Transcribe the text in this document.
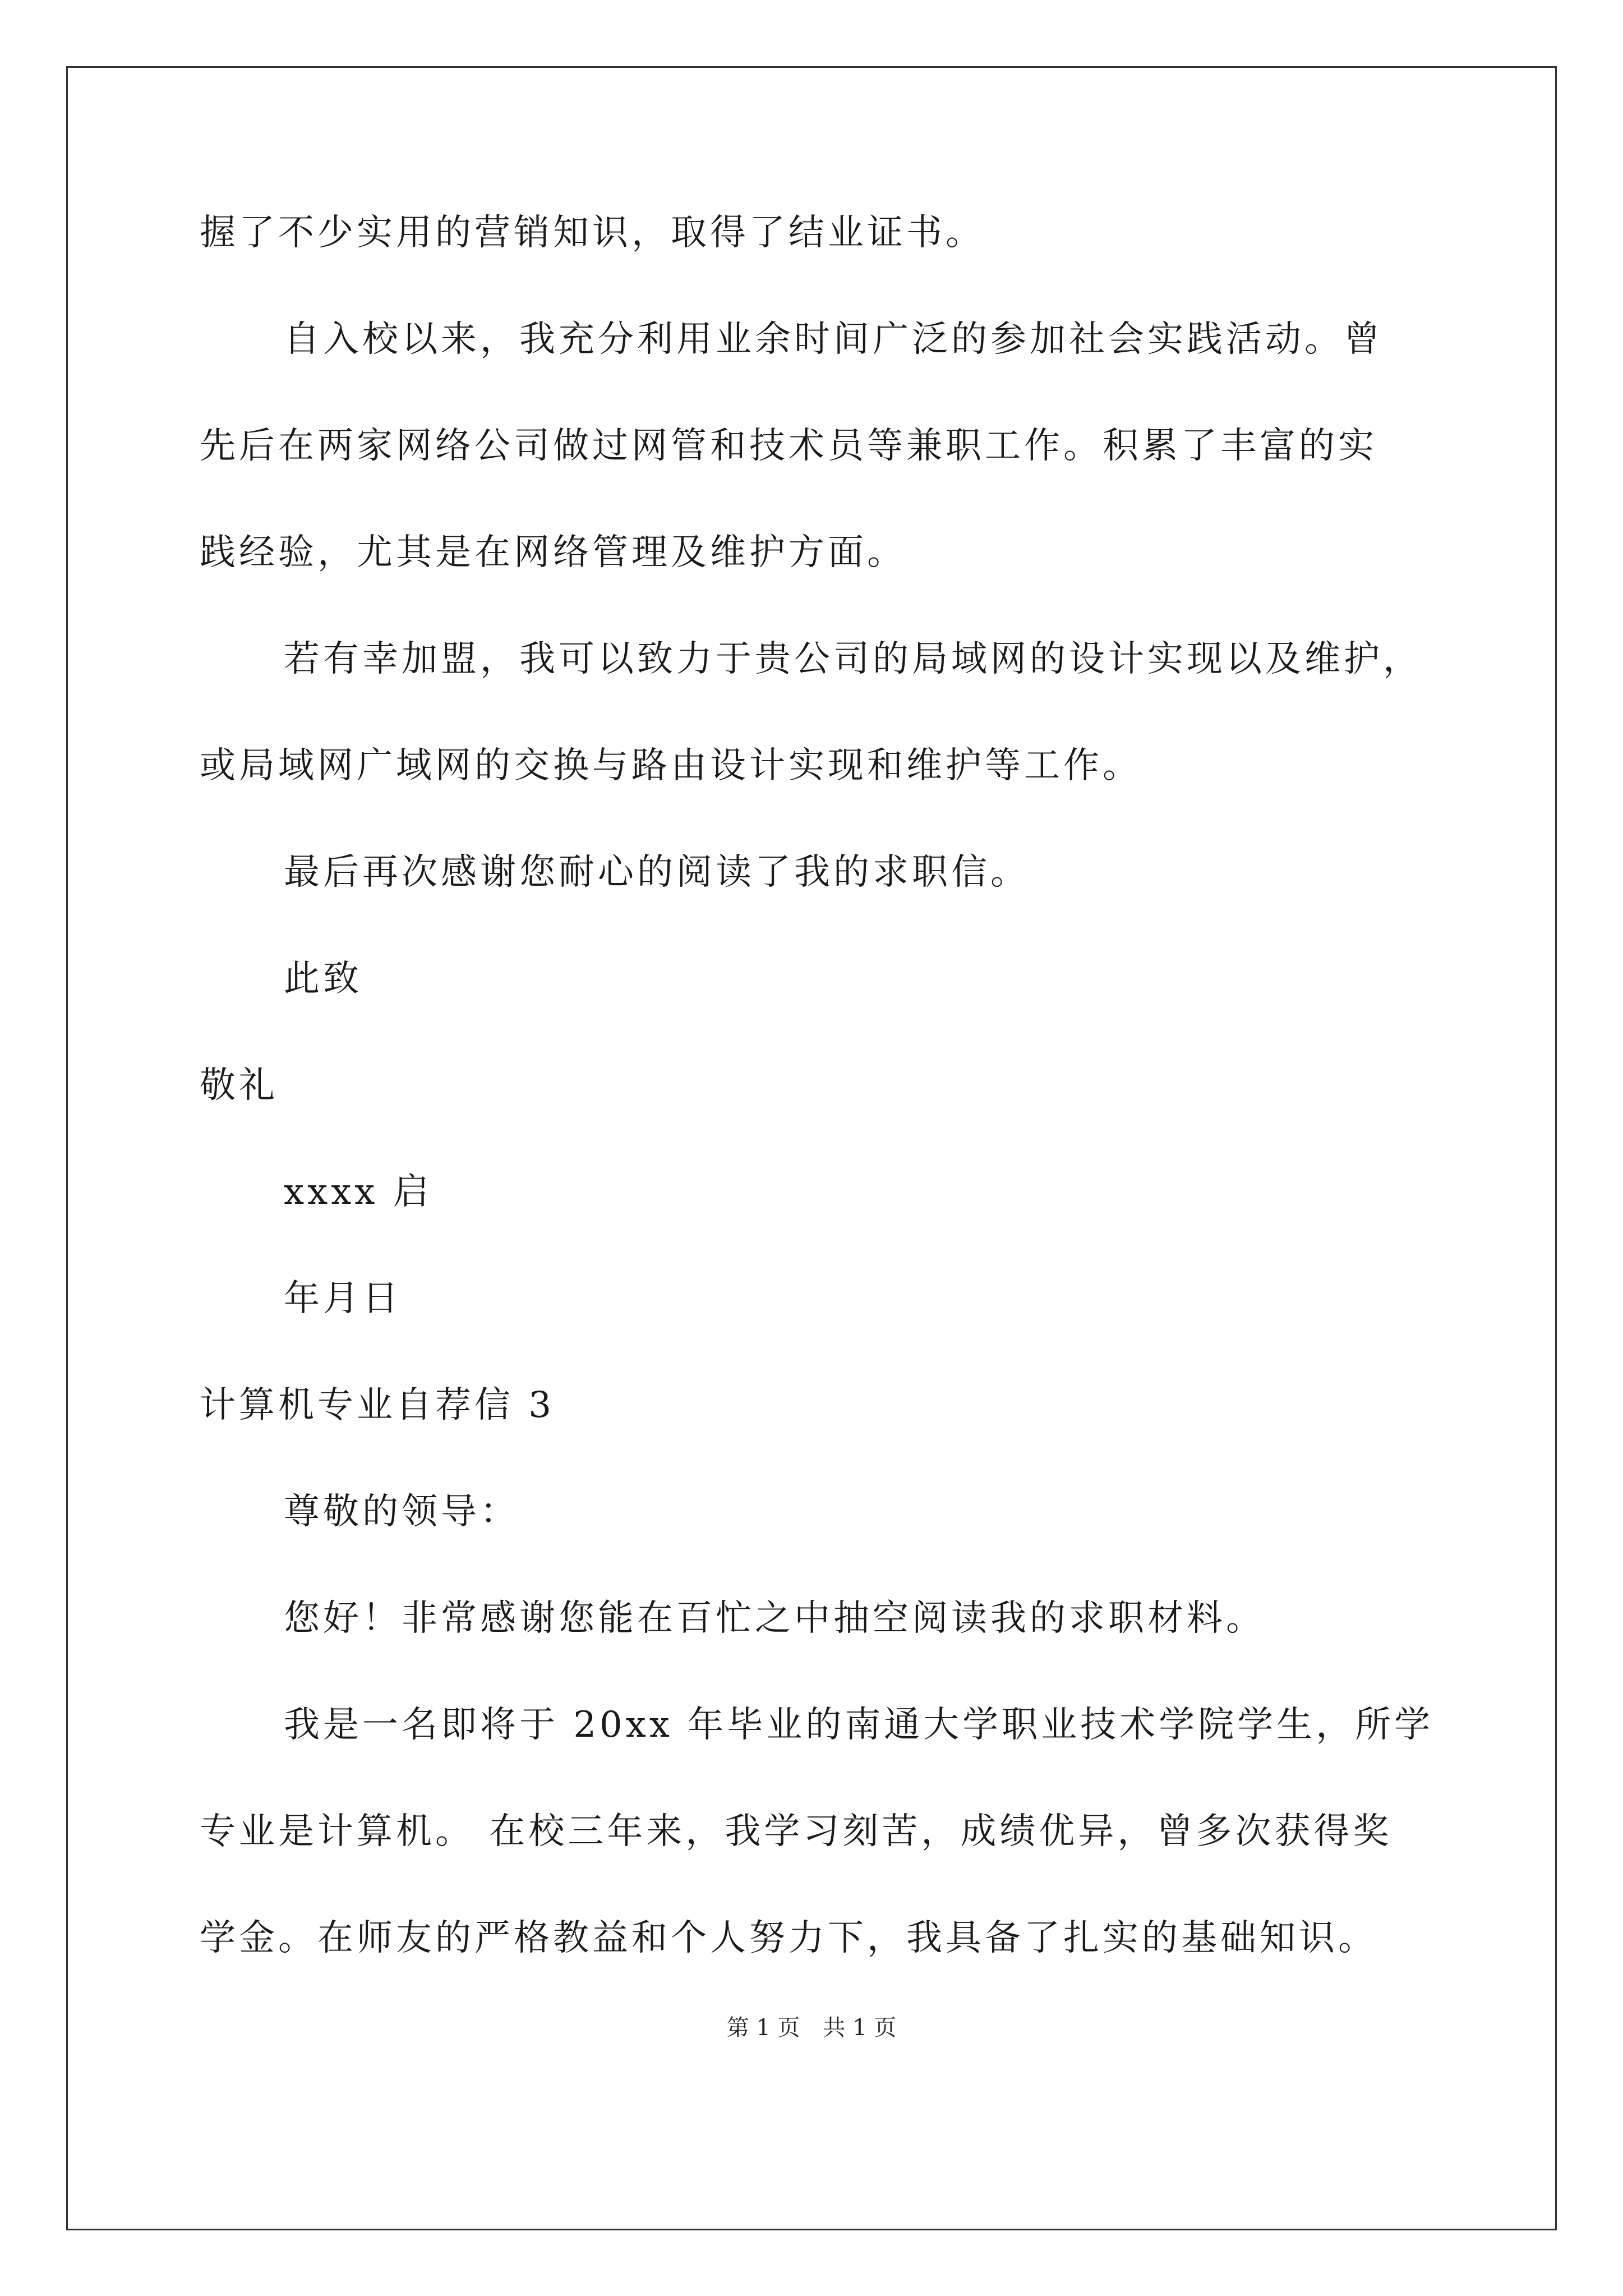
握了不少实用的营销知识，取得了结业证书。
自入校以来，我充分利用业余时间广泛的参加社会实践活动。曾
先后在两家网络公司做过网管和技术员等兼职工作。积累了丰富的实
践经验，尤其是在网络管理及维护方面。
若有幸加盟，我可以致力于贵公司的局域网的设计实现以及维护，
或局域网广域网的交换与路由设计实现和维护等工作。
最后再次感谢您耐心的阅读了我的求职信。
此致
敬礼
xxxx 启
年月日
计算机专业自荐信 3
尊敬的领导：
您好！非常感谢您能在百忙之中抽空阅读我的求职材料。
我是一名即将于 20xx 年毕业的南通大学职业技术学院学生，所学
专业是计算机。 在校三年来，我学习刻苦，成绩优异，曾多次获得奖
学金。在师友的严格教益和个人努力下，我具备了扎实的基础知识。
第 1 页 共 1 页
